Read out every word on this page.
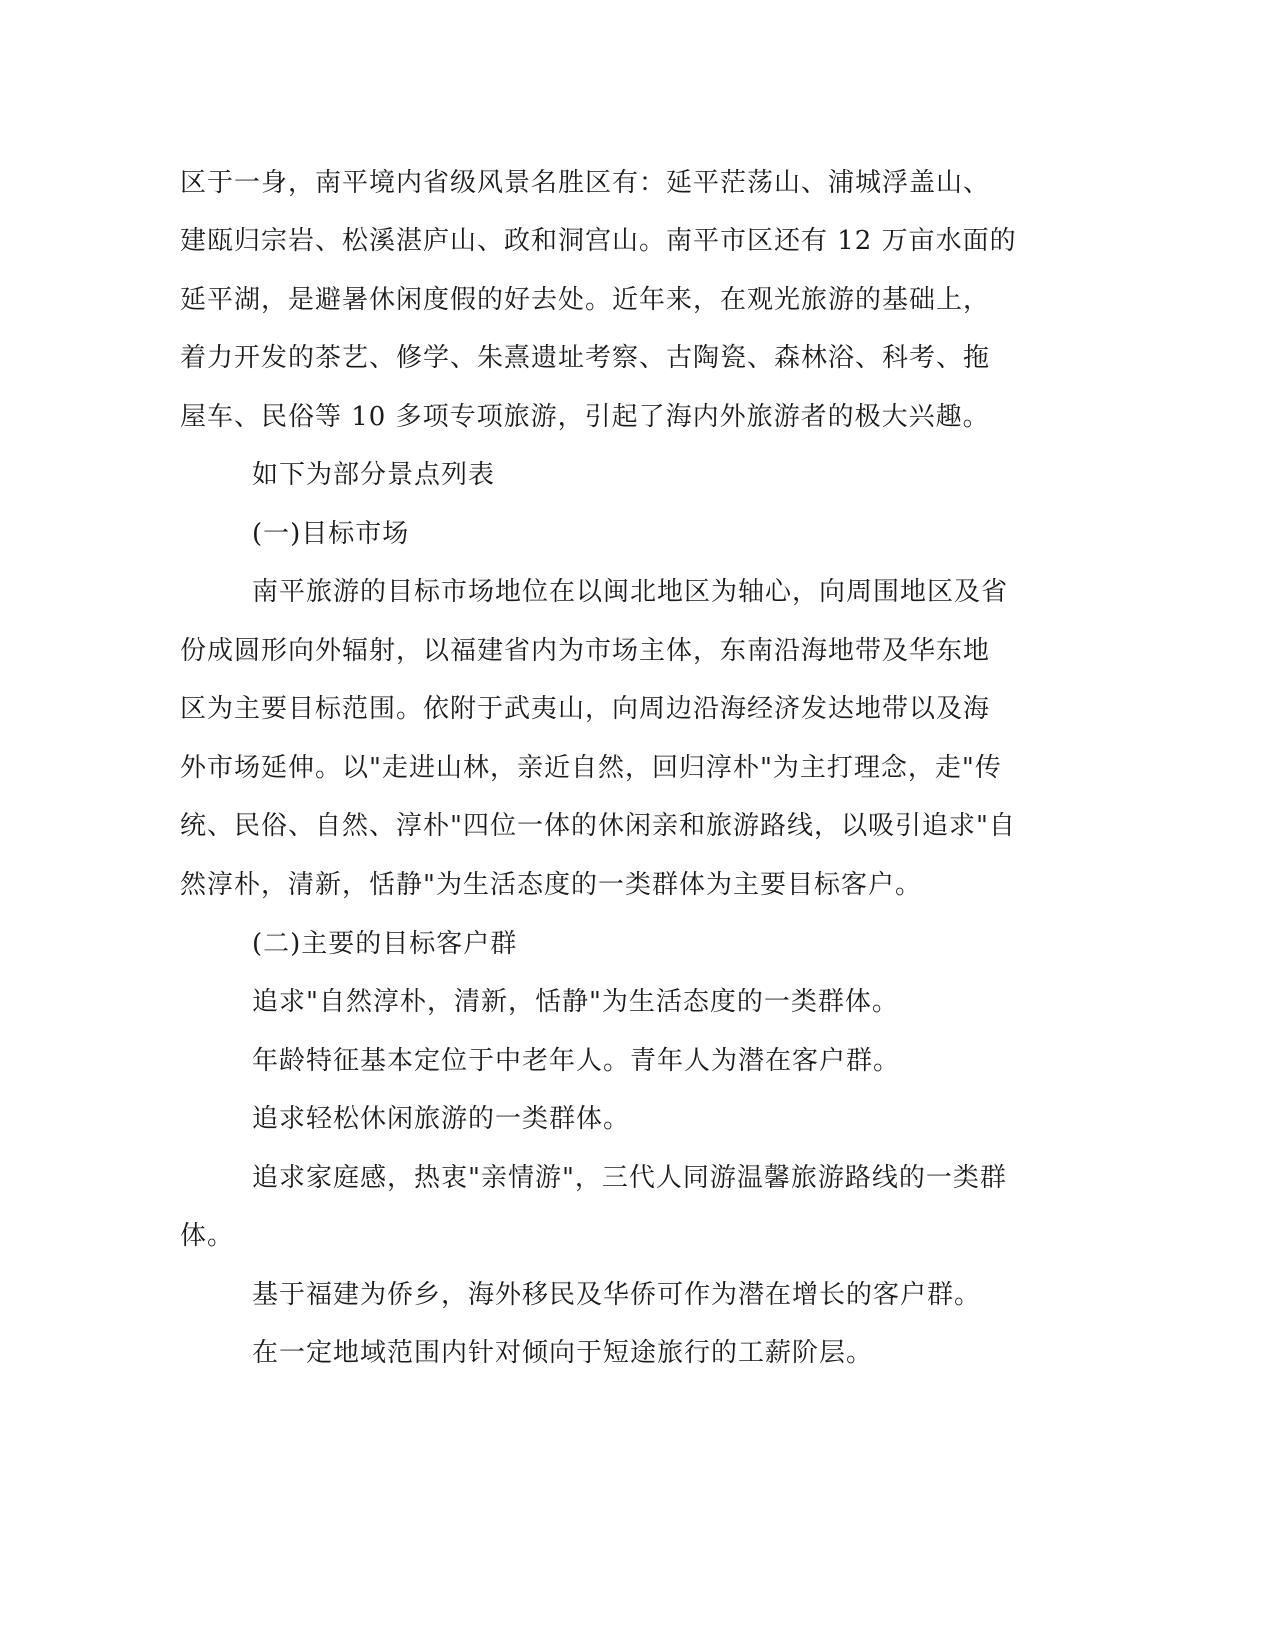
区于一身，南平境内省级风景名胜区有：延平茫荡山、浦城浮盖山、
建瓯归宗岩、松溪湛庐山、政和洞宫山。南平市区还有 12 万亩水面的
延平湖，是避暑休闲度假的好去处。近年来，在观光旅游的基础上，
着力开发的茶艺、修学、朱熹遗址考察、古陶瓷、森林浴、科考、拖
屋车、民俗等 10 多项专项旅游，引起了海内外旅游者的极大兴趣。
如下为部分景点列表
(一)目标市场
南平旅游的目标市场地位在以闽北地区为轴心，向周围地区及省
份成圆形向外辐射，以福建省内为市场主体，东南沿海地带及华东地
区为主要目标范围。依附于武夷山，向周边沿海经济发达地带以及海
外市场延伸。以"走进山林，亲近自然，回归淳朴"为主打理念，走"传
统、民俗、自然、淳朴"四位一体的休闲亲和旅游路线，以吸引追求"自
然淳朴，清新，恬静"为生活态度的一类群体为主要目标客户。
(二)主要的目标客户群
追求"自然淳朴，清新，恬静"为生活态度的一类群体。
年龄特征基本定位于中老年人。青年人为潜在客户群。
追求轻松休闲旅游的一类群体。
追求家庭感，热衷"亲情游"，三代人同游温馨旅游路线的一类群
体。
基于福建为侨乡，海外移民及华侨可作为潜在增长的客户群。
在一定地域范围内针对倾向于短途旅行的工薪阶层。
